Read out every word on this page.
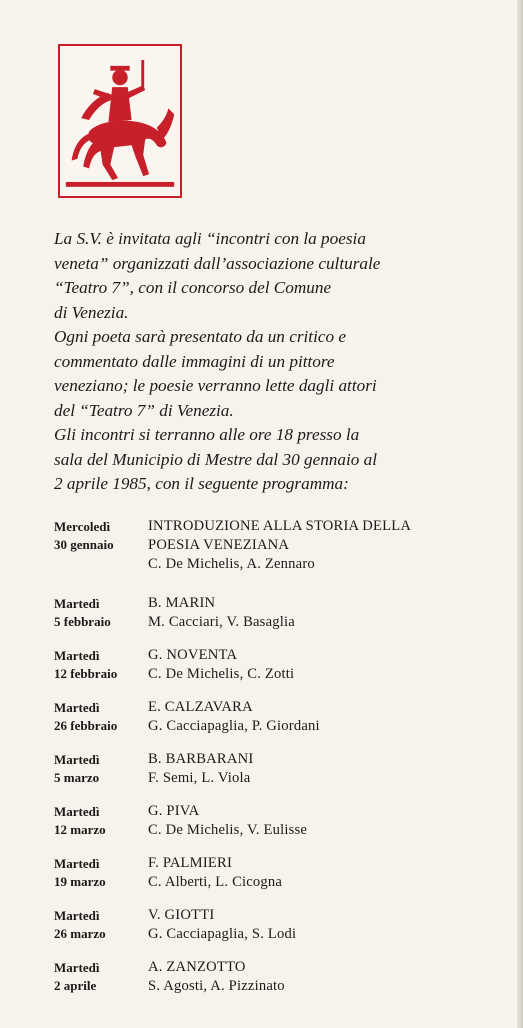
La S.V. è invitata agli “incontri con la poesia

veneta” organizzati dall’associazione culturale

“Teatro 7”, con il concorso del Comune

di Venezia.

Ogni poeta sarà presentato da un critico e

commentato dalle immagini di un pittore

veneziano; le poesie verranno lette dagli attori

del “Teatro 7” di Venezia.

Gli incontri si terranno alle ore 18 presso la

sala del Municipio di Mestre dal 30 gennaio al

2 aprile 1985, con il seguente programma:

Mercoledì
30 gennaio
INTRODUZIONE ALLA STORIA DELLA
POESIA VENEZIANA
C. De Michelis, A. Zennaro
Martedì
5 febbraio
B. MARIN
M. Cacciari, V. Basaglia
Martedì
12 febbraio
G. NOVENTA
C. De Michelis, C. Zotti
Martedì
26 febbraio
E. CALZAVARA
G. Cacciapaglia, P. Giordani
Martedì
5 marzo
B. BARBARANI
F. Semi, L. Viola
Martedì
12 marzo
G. PIVA
C. De Michelis, V. Eulisse
Martedì
19 marzo
F. PALMIERI
C. Alberti, L. Cicogna
Martedì
26 marzo
V. GIOTTI
G. Cacciapaglia, S. Lodi
Martedì
2 aprile
A. ZANZOTTO
S. Agosti, A. Pizzinato
